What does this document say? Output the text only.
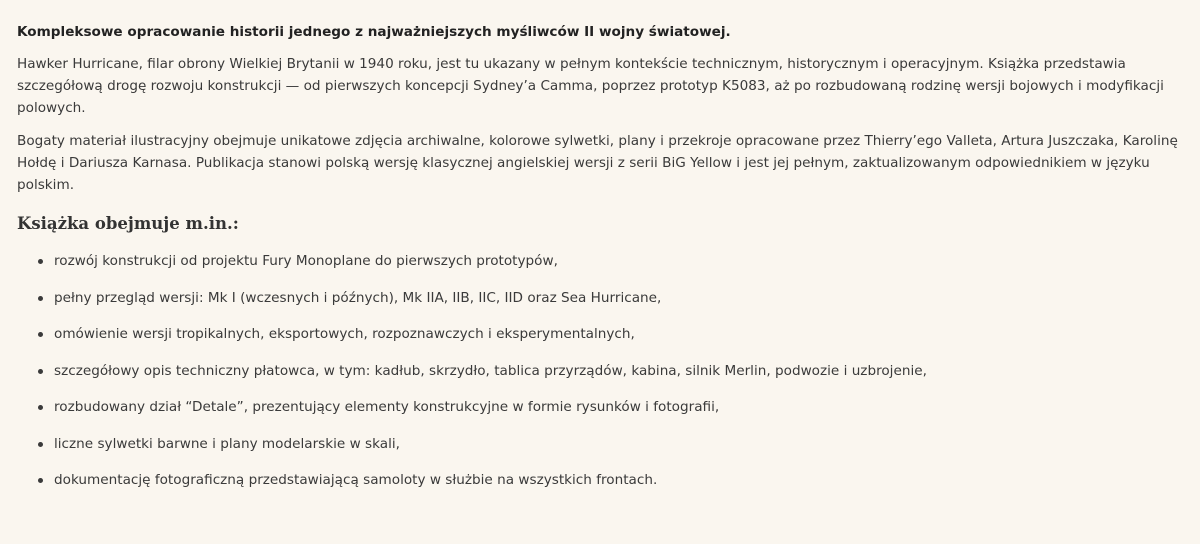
Kompleksowe opracowanie historii jednego z najważniejszych myśliwców II wojny światowej.

Hawker Hurricane, filar obrony Wielkiej Brytanii w 1940 roku, jest tu ukazany w pełnym kontekście technicznym, historycznym i operacyjnym. Książka przedstawia szczegółową drogę rozwoju konstrukcji — od pierwszych koncepcji Sydney’a Camma, poprzez prototyp K5083, aż po rozbudowaną rodzinę wersji bojowych i modyfikacji polowych.

Bogaty materiał ilustracyjny obejmuje unikatowe zdjęcia archiwalne, kolorowe sylwetki, plany i przekroje opracowane przez Thierry’ego Valleta, Artura Juszczaka, Karolinę Hołdę i Dariusza Karnasa. Publikacja stanowi polską wersję klasycznej angielskiej wersji z serii BiG Yellow i jest jej pełnym, zaktualizowanym odpowiednikiem w języku polskim.

Książka obejmuje m.in.:
rozwój konstrukcji od projektu Fury Monoplane do pierwszych prototypów,
pełny przegląd wersji: Mk I (wczesnych i późnych), Mk IIA, IIB, IIC, IID oraz Sea Hurricane,
omówienie wersji tropikalnych, eksportowych, rozpoznawczych i eksperymentalnych,
szczegółowy opis techniczny płatowca, w tym: kadłub, skrzydło, tablica przyrządów, kabina, silnik Merlin, podwozie i uzbrojenie,
rozbudowany dział “Detale”, prezentujący elementy konstrukcyjne w formie rysunków i fotografii,
liczne sylwetki barwne i plany modelarskie w skali,
dokumentację fotograficzną przedstawiającą samoloty w służbie na wszystkich frontach.
